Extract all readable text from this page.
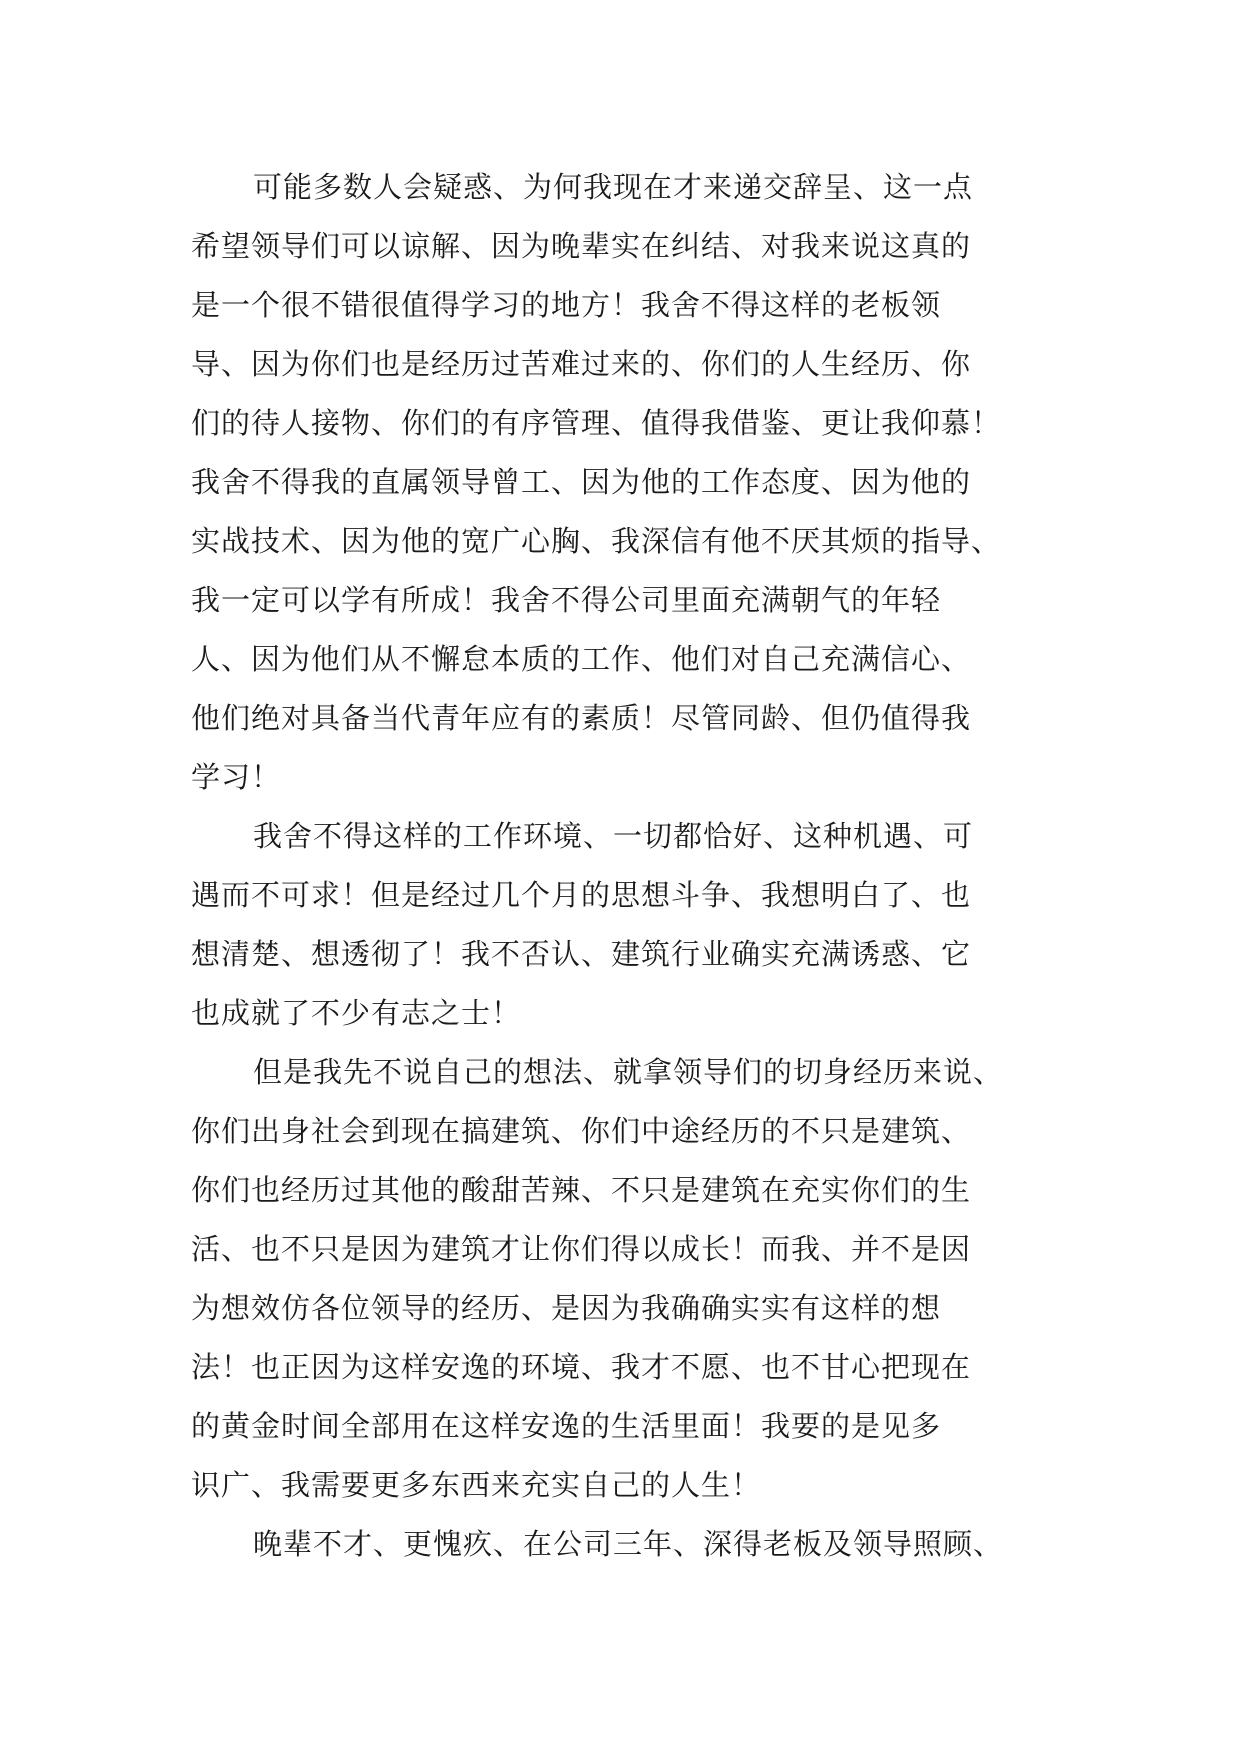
可能多数人会疑惑、为何我现在才来递交辞呈、这一点
希望领导们可以谅解、因为晚辈实在纠结、对我来说这真的
是一个很不错很值得学习的地方！我舍不得这样的老板领
导、因为你们也是经历过苦难过来的、你们的人生经历、你
们的待人接物、你们的有序管理、值得我借鉴、更让我仰慕！
我舍不得我的直属领导曾工、因为他的工作态度、因为他的
实战技术、因为他的宽广心胸、我深信有他不厌其烦的指导、
我一定可以学有所成！我舍不得公司里面充满朝气的年轻
人、因为他们从不懈怠本质的工作、他们对自己充满信心、
他们绝对具备当代青年应有的素质！尽管同龄、但仍值得我
学习！
我舍不得这样的工作环境、一切都恰好、这种机遇、可
遇而不可求！但是经过几个月的思想斗争、我想明白了、也
想清楚、想透彻了！我不否认、建筑行业确实充满诱惑、它
也成就了不少有志之士！
但是我先不说自己的想法、就拿领导们的切身经历来说、
你们出身社会到现在搞建筑、你们中途经历的不只是建筑、
你们也经历过其他的酸甜苦辣、不只是建筑在充实你们的生
活、也不只是因为建筑才让你们得以成长！而我、并不是因
为想效仿各位领导的经历、是因为我确确实实有这样的想
法！也正因为这样安逸的环境、我才不愿、也不甘心把现在
的黄金时间全部用在这样安逸的生活里面！我要的是见多
识广、我需要更多东西来充实自己的人生！
晚辈不才、更愧疚、在公司三年、深得老板及领导照顾、
